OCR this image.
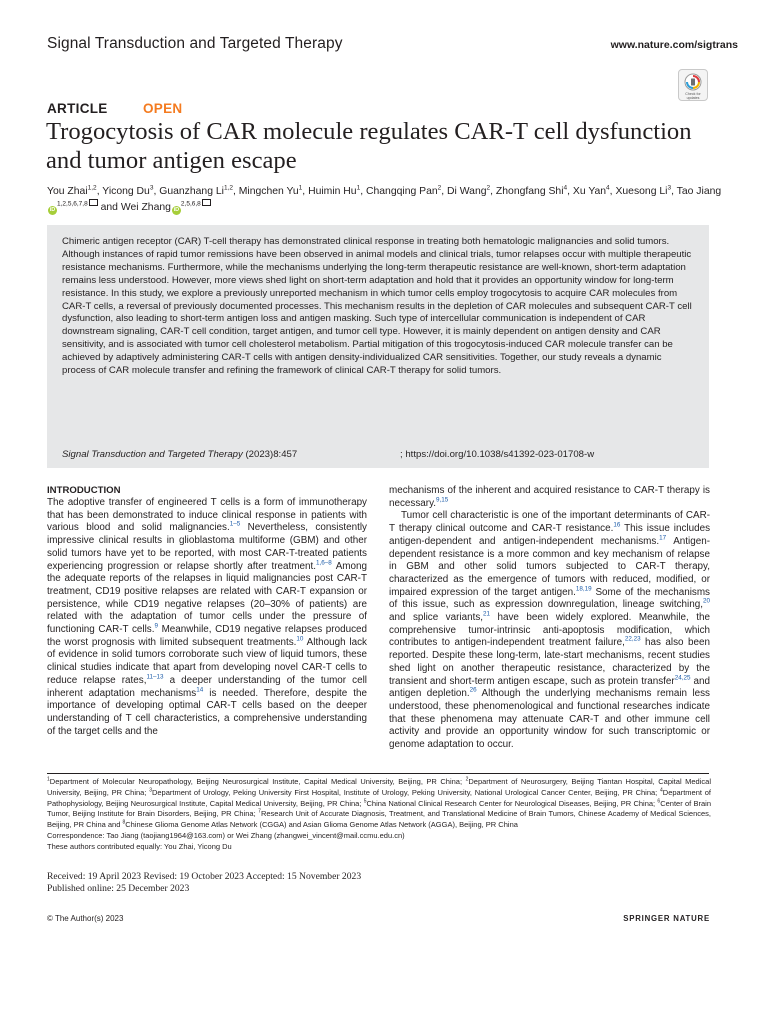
Signal Transduction and Targeted Therapy	www.nature.com/sigtrans
Check for updates
ARTICLE	OPEN
Trogocytosis of CAR molecule regulates CAR-T cell dysfunction and tumor antigen escape
You Zhai$^{1,2}$, Yicong Du$^3$, Guanzhang Li$^{1,2}$, Mingchen Yu$^1$, Huimin Hu$^1$, Changqing Pan$^2$, Di Wang$^2$, Zhongfang Shi$^4$, Xu Yan$^4$, Xuesong Li$^3$, Tao JiangiD$^{1,2,5,6,7,8}$ and Wei Zhang iD$^{2,5,6,8}$
Chimeric antigen receptor (CAR) T-cell therapy has demonstrated clinical response in treating both hematologic malignancies and solid tumors. Although instances of rapid tumor remissions have been observed in animal models and clinical trials, tumor relapses occur with multiple therapeutic resistance mechanisms. Furthermore, while the mechanisms underlying the long-term therapeutic resistance are well-known, short-term adaptation remains less understood. However, more views shed light on short-term adaptation and hold that it provides an opportunity window for long-term resistance. In this study, we explore a previously unreported mechanism in which tumor cells employ trogocytosis to acquire CAR molecules from CAR-T cells, a reversal of previously documented processes. This mechanism results in the depletion of CAR molecules and subsequent CAR-T cell dysfunction, also leading to short-term antigen loss and antigen masking. Such type of intercellular communication is independent of CAR downstream signaling, CAR-T cell condition, target antigen, and tumor cell type. However, it is mainly dependent on antigen density and CAR sensitivity, and is associated with tumor cell cholesterol metabolism. Partial mitigation of this trogocytosis-induced CAR molecule transfer can be achieved by adaptively administering CAR-T cells with antigen density-individualized CAR sensitivities. Together, our study reveals a dynamic process of CAR molecule transfer and refining the framework of clinical CAR-T therapy for solid tumors.
Signal Transduction and Targeted Therapy (2023)8:457	; https://doi.org/10.1038/s41392-023-01708-w
INTRODUCTION

The adoptive transfer of engineered T cells is a form of immunotherapy that has been demonstrated to induce clinical response in patients with various blood and solid malignancies.$^{1-5}$ Nevertheless, consistently impressive clinical results in glioblastoma multiforme (GBM) and other solid tumors have yet to be reported, with most CAR-T-treated patients experiencing progression or relapse shortly after treatment.$^{1,6-8}$ Among the adequate reports of the relapses in liquid malignancies post CAR-T treatment, CD19 positive relapses are related with CAR-T expansion or persistence, while CD19 negative relapses (20–30% of patients) are related with the adaptation of tumor cells under the pressure of functioning CAR-T cells.$^9$ Meanwhile, CD19 negative relapses produced the worst prognosis with limited subsequent treatments.$^{10}$ Although lack of evidence in solid tumors corroborate such view of liquid tumors, these clinical studies indicate that apart from developing novel CAR-T cells to reduce relapse rates,$^{11-13}$ a deeper understanding of the tumor cell inherent adaptation mechanisms$^{14}$ is needed. Therefore, despite the importance of developing optimal CAR-T cells based on the deeper understanding of T cell characteristics, a comprehensive understanding of the target cells and the

mechanisms of the inherent and acquired resistance to CAR-T therapy is necessary.$^{9,15}$

Tumor cell characteristic is one of the important determinants of CAR-T therapy clinical outcome and CAR-T resistance.$^{16}$ This issue includes antigen-dependent and antigen-independent mechanisms.$^{17}$ Antigen-dependent resistance is a more common and key mechanism of relapse in GBM and other solid tumors subjected to CAR-T therapy, characterized as the emergence of tumors with reduced, modified, or impaired expression of the target antigen.$^{18,19}$ Some of the mechanisms of this issue, such as expression downregulation, lineage switching,$^{20}$ and splice variants,$^{21}$ have been widely explored. Meanwhile, the comprehensive tumor-intrinsic anti-apoptosis modification, which contributes to antigen-independent treatment failure,$^{22,23}$ has also been reported. Despite these long-term, late-start mechanisms, recent studies shed light on another therapeutic resistance, characterized by the transient and short-term antigen escape, such as protein transfer$^{24,25}$ and antigen depletion.$^{26}$ Although the underlying mechanisms remain less understood, these phenomenological and functional researches indicate that these phenomena may attenuate CAR-T and other immune cell activity and provide an opportunity window for such transcriptomic or genome adaptation to occur.

$^1$Department of Molecular Neuropathology, Beijing Neurosurgical Institute, Capital Medical University, Beijing, PR China; $^2$Department of Neurosurgery, Beijing Tiantan Hospital, Capital Medical University, Beijing, PR China; $^3$Department of Urology, Peking University First Hospital, Institute of Urology, Peking University, National Urological Cancer Center, Beijing, PR China; $^4$Department of Pathophysiology, Beijing Neurosurgical Institute, Capital Medical University, Beijing, PR China; $^5$China National Clinical Research Center for Neurological Diseases, Beijing, PR China; $^6$Center of Brain Tumor, Beijing Institute for Brain Disorders, Beijing, PR China; $^7$Research Unit of Accurate Diagnosis, Treatment, and Translational Medicine of Brain Tumors, Chinese Academy of Medical Sciences, Beijing, PR China and $^8$Chinese Glioma Genome Atlas Network (CGGA) and Asian Glioma Genome Atlas Network (AGGA), Beijing, PR China
Correspondence: Tao Jiang (taojiang1964@163.com) or Wei Zhang (zhangwei_vincent@mail.ccmu.edu.cn)
These authors contributed equally: You Zhai, Yicong Du
Received: 19 April 2023 Revised: 19 October 2023 Accepted: 15 November 2023
Published online: 25 December 2023
© The Author(s) 2023	SPRINGER NATURE
